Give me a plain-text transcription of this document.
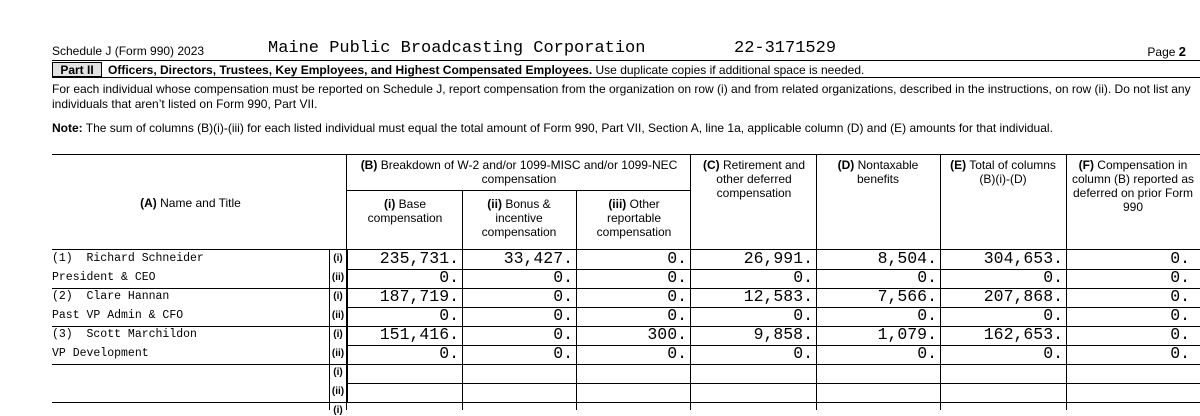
Schedule J (Form 990) 2023	Maine Public Broadcasting Corporation	22-3171529	Page 2
Part II	Officers, Directors, Trustees, Key Employees, and Highest Compensated Employees. Use duplicate copies if additional space is needed.
For each individual whose compensation must be reported on Schedule J, report compensation from the organization on row (i) and from related organizations, described in the instructions, on row (ii). Do not list any individuals that aren’t listed on Form 990, Part VII.
Note: The sum of columns (B)(i)-(iii) for each listed individual must equal the total amount of Form 990, Part VII, Section A, line 1a, applicable column (D) and (E) amounts for that individual.
(A) Name and Title
(B) Breakdown of W-2 and/or 1099-MISC and/or 1099-NEC compensation
(i) Base compensation
(ii) Bonus & incentive compensation
(iii) Other reportable compensation
(C) Retirement and other deferred compensation
(D) Nontaxable benefits
(E) Total of columns (B)(i)-(D)
(F) Compensation in column (B) reported as deferred on prior Form 990
(i)
(1)  Richard Schneider	235,731.	33,427.	0.	26,991.	8,504.	304,653.	0.
(ii)
President & CEO	0.	0.	0.	0.	0.	0.	0.
(i)
(2)  Clare Hannan	187,719.	0.	0.	12,583.	7,566.	207,868.	0.
(ii)
Past VP Admin & CFO	0.	0.	0.	0.	0.	0.	0.
(i)
(3)  Scott Marchildon	151,416.	0.	300.	9,858.	1,079.	162,653.	0.
(ii)
VP Development	0.	0.	0.	0.	0.	0.	0.
(i)
(ii)
(i)
